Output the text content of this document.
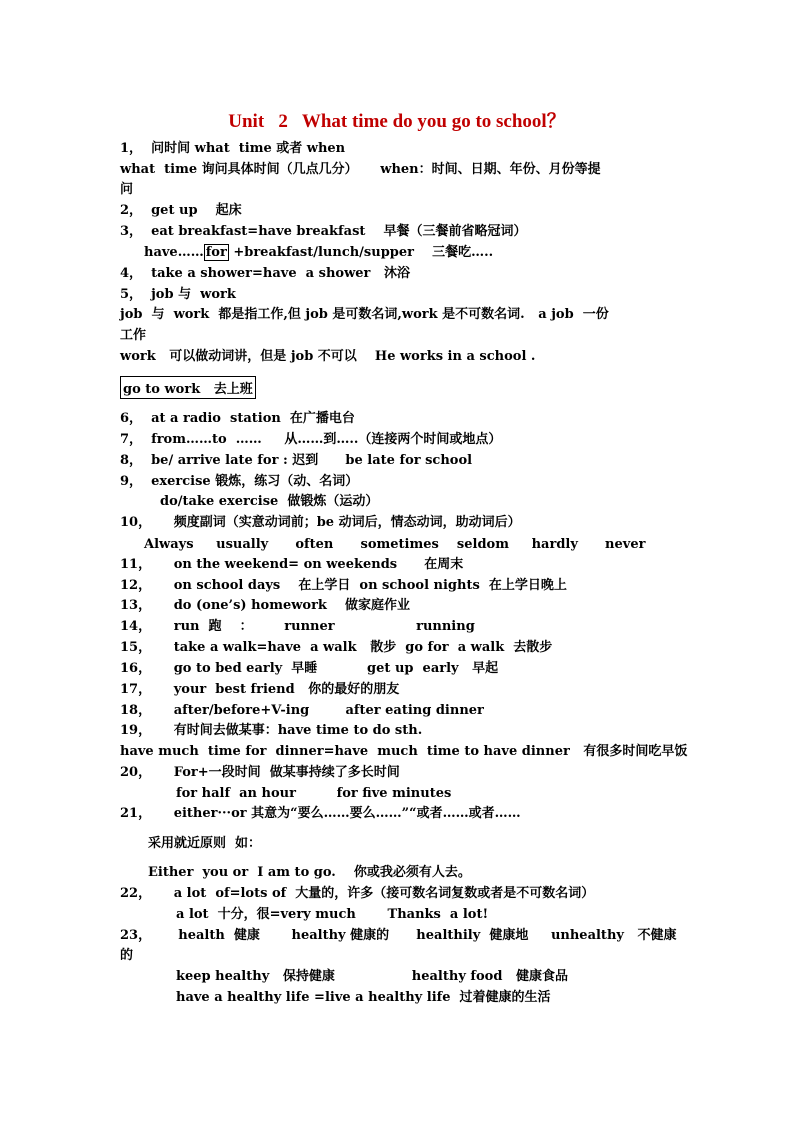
Unit   2   What time do you go to school？
1，  问时间 what  time 或者 when
what  time 询问具体时间（几点几分）     when：时间、日期、年份、月份等提
问
2，  get up    起床
3，  eat breakfast=have breakfast    早餐（三餐前省略冠词）
have…… for +breakfast/lunch/supper    三餐吃…..
4，  take a shower=have  a shower   沐浴
5，  job 与  work
job  与  work  都是指工作,但 job 是可数名词,work 是不可数名词.   a job  一份
工作
work   可以做动词讲，但是 job 不可以    He works in a school .
go to work   去上班
6，  at a radio  station  在广播电台
7，  from……to  ……     从……到…..（连接两个时间或地点）
8，  be/ arrive late for : 迟到      be late for school
9，  exercise 锻炼，练习（动、名词）
do/take exercise  做锻炼（运动）
10，     频度副词（实意动词前；be 动词后，情态动词，助动词后）
Always     usually      often      sometimes    seldom     hardly      never
11，     on the weekend= on weekends      在周末
12，     on school days    在上学日  on school nights  在上学日晚上
13，     do (one’s) homework    做家庭作业
14，     run  跑    ：       runner                  running
15，     take a walk=have  a walk   散步  go for  a walk  去散步
16，     go to bed early  早睡           get up  early   早起
17，     your  best friend   你的最好的朋友
18，     after/before+V-ing        after eating dinner
19，     有时间去做某事：have time to do sth.
have much  time for  dinner=have  much  time to have dinner   有很多时间吃早饭
20，     For+一段时间  做某事持续了多长时间
for half  an hour         for five minutes
21，     either···or 其意为“要么……要么……”“或者……或者……
采用就近原则  如：
Either  you or  I am to go.    你或我必须有人去。
22，     a lot  of=lots of  大量的，许多（接可数名词复数或者是不可数名词）
a lot  十分，很=very much       Thanks  a lot!
23，      health  健康       healthy 健康的      healthily  健康地     unhealthy   不健康
的
keep healthy   保持健康                 healthy food   健康食品
have a healthy life =live a healthy life  过着健康的生活
